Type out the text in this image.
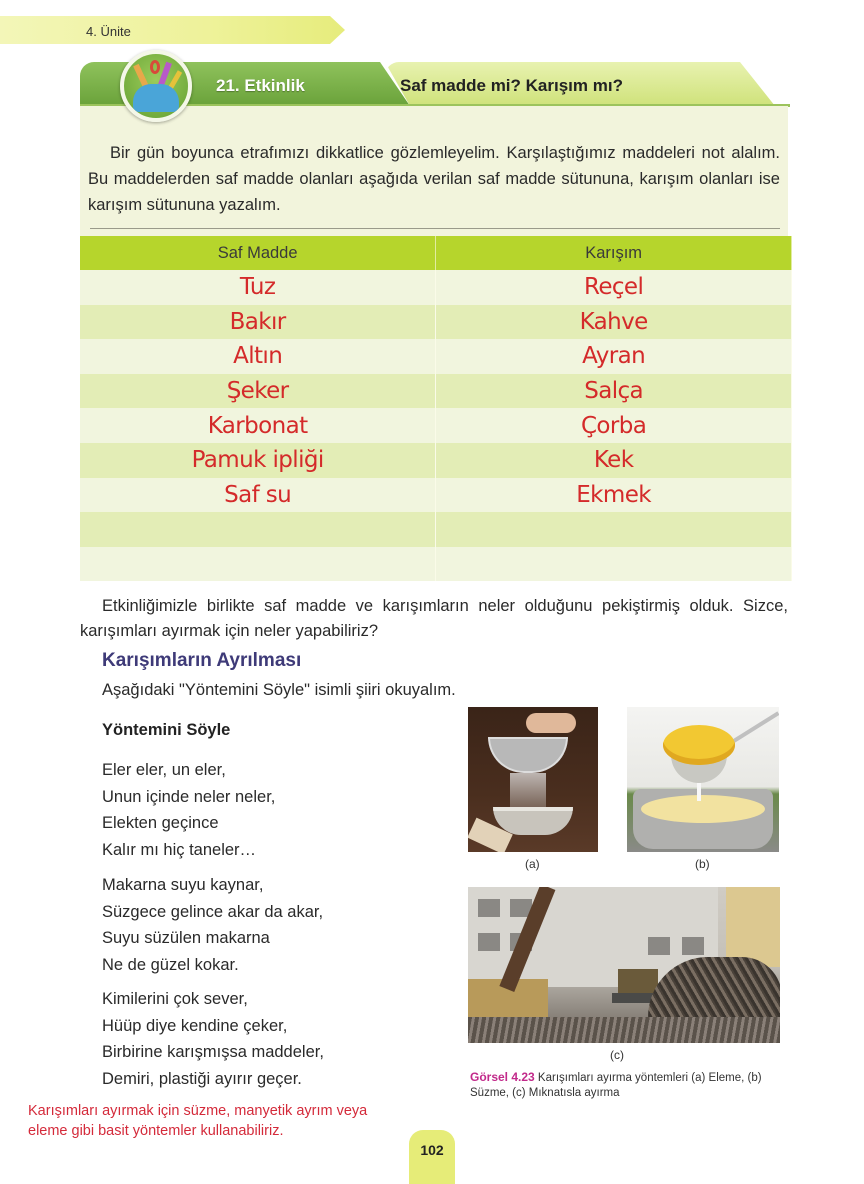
4. Ünite
21. Etkinlik	Saf madde mi? Karışım mı?

Bir gün boyunca etrafımızı dikkatlice gözlemleyelim. Karşılaştığımız maddeleri not alalım. Bu maddelerden saf madde olanları aşağıda verilan saf madde sütununa, karışım olanları ise karışım sütununa yazalım.

Saf Madde	Karışım
Tuz	Reçel
Bakır	Kahve
Altın	Ayran
Şeker	Salça
Karbonat	Çorba
Pamuk ipliği	Kek
Saf su	Ekmek

Etkinliğimizle birlikte saf madde ve karışımların neler olduğunu pekiştirmiş olduk. Sizce, karışımları ayırmak için neler yapabiliriz?

Karışımların Ayrılması

Aşağıdaki "Yöntemini Söyle" isimli şiiri okuyalım.

Yöntemini Söyle
Eler eler, un eler,
Unun içinde neler neler,
Elekten geçince
Kalır mı hiç taneler…
Makarna suyu kaynar,
Süzgece gelince akar da akar,
Suyu süzülen makarna
Ne de güzel kokar.
Kimilerini çok sever,
Hüüp diye kendine çeker,
Birbirine karışmışsa maddeler,
Demiri, plastiği ayırır geçer.
(a)	(b)
(c)
Görsel 4.23 Karışımları ayırma yöntemleri (a) Eleme, (b) Süzme, (c) Mıknatısla ayırma
Karışımları ayırmak için süzme, manyetik ayrım veya
eleme gibi basit yöntemler kullanabiliriz.
102
